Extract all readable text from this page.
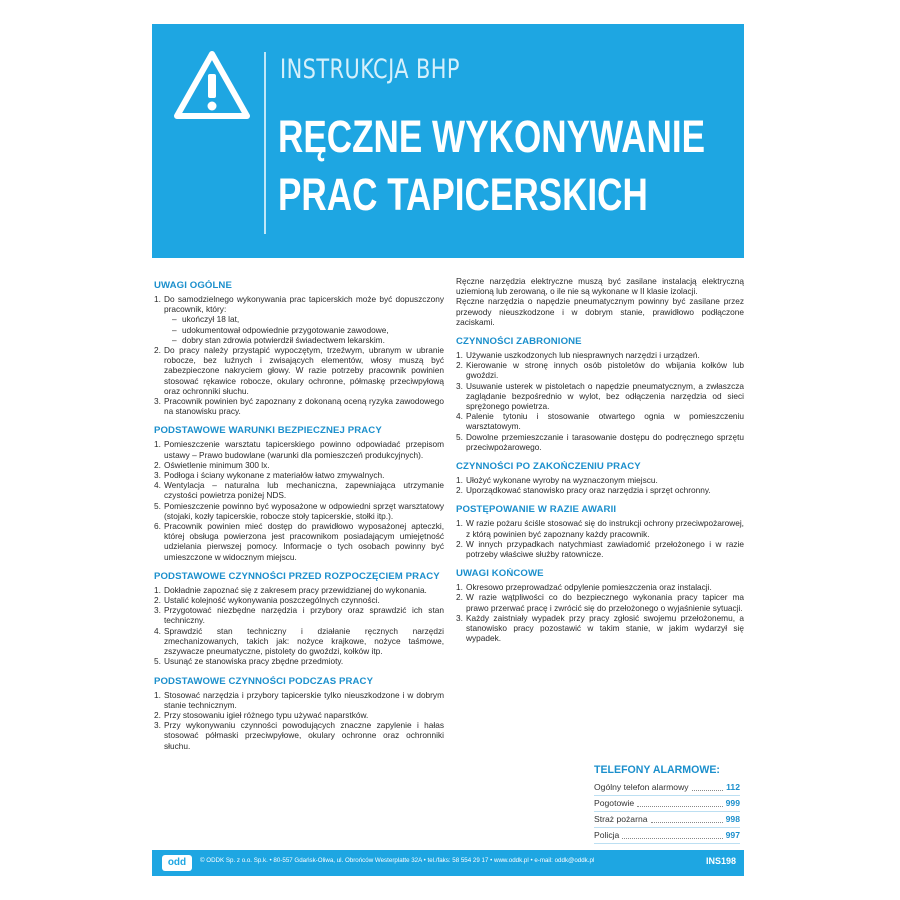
INSTRUKCJA BHP
RĘCZNE WYKONYWANIE
PRAC TAPICERSKICH
UWAGI OGÓLNE
1. Do samodzielnego wykonywania prac tapicerskich może być dopuszczony pracownik, który:
– ukończył 18 lat,
– udokumentował odpowiednie przygotowanie zawodowe,
– dobry stan zdrowia potwierdził świadectwem lekarskim.
2. Do pracy należy przystąpić wypoczętym, trzeźwym, ubranym w ubranie robocze, bez luźnych i zwisających elementów, włosy muszą być zabezpieczone nakryciem głowy. W razie potrzeby pracownik powinien stosować rękawice robocze, okulary ochronne, półmaskę przeciwpyłową oraz ochronniki słuchu.
3. Pracownik powinien być zapoznany z dokonaną oceną ryzyka zawodowego na stanowisku pracy.
PODSTAWOWE WARUNKI BEZPIECZNEJ PRACY
1. Pomieszczenie warsztatu tapicerskiego powinno odpowiadać przepisom ustawy – Prawo budowlane (warunki dla pomieszczeń produkcyjnych).
2. Oświetlenie minimum 300 lx.
3. Podłoga i ściany wykonane z materiałów łatwo zmywalnych.
4. Wentylacja – naturalna lub mechaniczna, zapewniająca utrzymanie czystości powietrza poniżej NDS.
5. Pomieszczenie powinno być wyposażone w odpowiedni sprzęt warsztatowy (stojaki, kozły tapicerskie, robocze stoły tapicerskie, stołki itp.).
6. Pracownik powinien mieć dostęp do prawidłowo wyposażonej apteczki, której obsługa powierzona jest pracownikom posiadającym umiejętność udzielania pierwszej pomocy. Informacje o tych osobach powinny być umieszczone w widocznym miejscu.
PODSTAWOWE CZYNNOŚCI PRZED ROZPOCZĘCIEM PRACY
1. Dokładnie zapoznać się z zakresem pracy przewidzianej do wykonania.
2. Ustalić kolejność wykonywania poszczególnych czynności.
3. Przygotować niezbędne narzędzia i przybory oraz sprawdzić ich stan techniczny.
4. Sprawdzić stan techniczny i działanie ręcznych narzędzi zmechanizowanych, takich jak: nożyce krajkowe, nożyce taśmowe, zszywacze pneumatyczne, pistolety do gwoździ, kołków itp.
5. Usunąć ze stanowiska pracy zbędne przedmioty.
PODSTAWOWE CZYNNOŚCI PODCZAS PRACY
1. Stosować narzędzia i przybory tapicerskie tylko nieuszkodzone i w dobrym stanie technicznym.
2. Przy stosowaniu igieł różnego typu używać naparstków.
3. Przy wykonywaniu czynności powodujących znaczne zapylenie i hałas stosować półmaski przeciwpyłowe, okulary ochronne oraz ochronniki słuchu.

Ręczne narzędzia elektryczne muszą być zasilane instalacją elektryczną uziemioną lub zerowaną, o ile nie są wykonane w II klasie izolacji.

Ręczne narzędzia o napędzie pneumatycznym powinny być zasilane przez przewody nieuszkodzone i w dobrym stanie, prawidłowo podłączone zaciskami.

CZYNNOŚCI ZABRONIONE
1. Używanie uszkodzonych lub niesprawnych narzędzi i urządzeń.
2. Kierowanie w stronę innych osób pistoletów do wbijania kołków lub gwoździ.
3. Usuwanie usterek w pistoletach o napędzie pneumatycznym, a zwłaszcza zaglądanie bezpośrednio w wylot, bez odłączenia narzędzia od sieci sprężonego powietrza.
4. Palenie tytoniu i stosowanie otwartego ognia w pomieszczeniu warsztatowym.
5. Dowolne przemieszczanie i tarasowanie dostępu do podręcznego sprzętu przeciwpożarowego.
CZYNNOŚCI PO ZAKOŃCZENIU PRACY
1. Ułożyć wykonane wyroby na wyznaczonym miejscu.
2. Uporządkować stanowisko pracy oraz narzędzia i sprzęt ochronny.
POSTĘPOWANIE W RAZIE AWARII
1. W razie pożaru ściśle stosować się do instrukcji ochrony przeciwpożarowej, z którą powinien być zapoznany każdy pracownik.
2. W innych przypadkach natychmiast zawiadomić przełożonego i w razie potrzeby właściwe służby ratownicze.
UWAGI KOŃCOWE
1. Okresowo przeprowadzać odpylenie pomieszczenia oraz instalacji.
2. W razie wątpliwości co do bezpiecznego wykonania pracy tapicer ma prawo przerwać pracę i zwrócić się do przełożonego o wyjaśnienie sytuacji.
3. Każdy zaistniały wypadek przy pracy zgłosić swojemu przełożonemu, a stanowisko pracy pozostawić w takim stanie, w jakim wydarzył się wypadek.
TELEFONY ALARMOWE:
Ogólny telefon alarmowy	112
Pogotowie	999
Straż pożarna	998
Policja	997
odd	© ODDK Sp. z o.o. Sp.k. • 80-557 Gdańsk-Oliwa, ul. Obrońców Westerplatte 32A • tel./faks: 58 554 29 17 • www.oddk.pl • e-mail: oddk@oddk.pl	INS198
